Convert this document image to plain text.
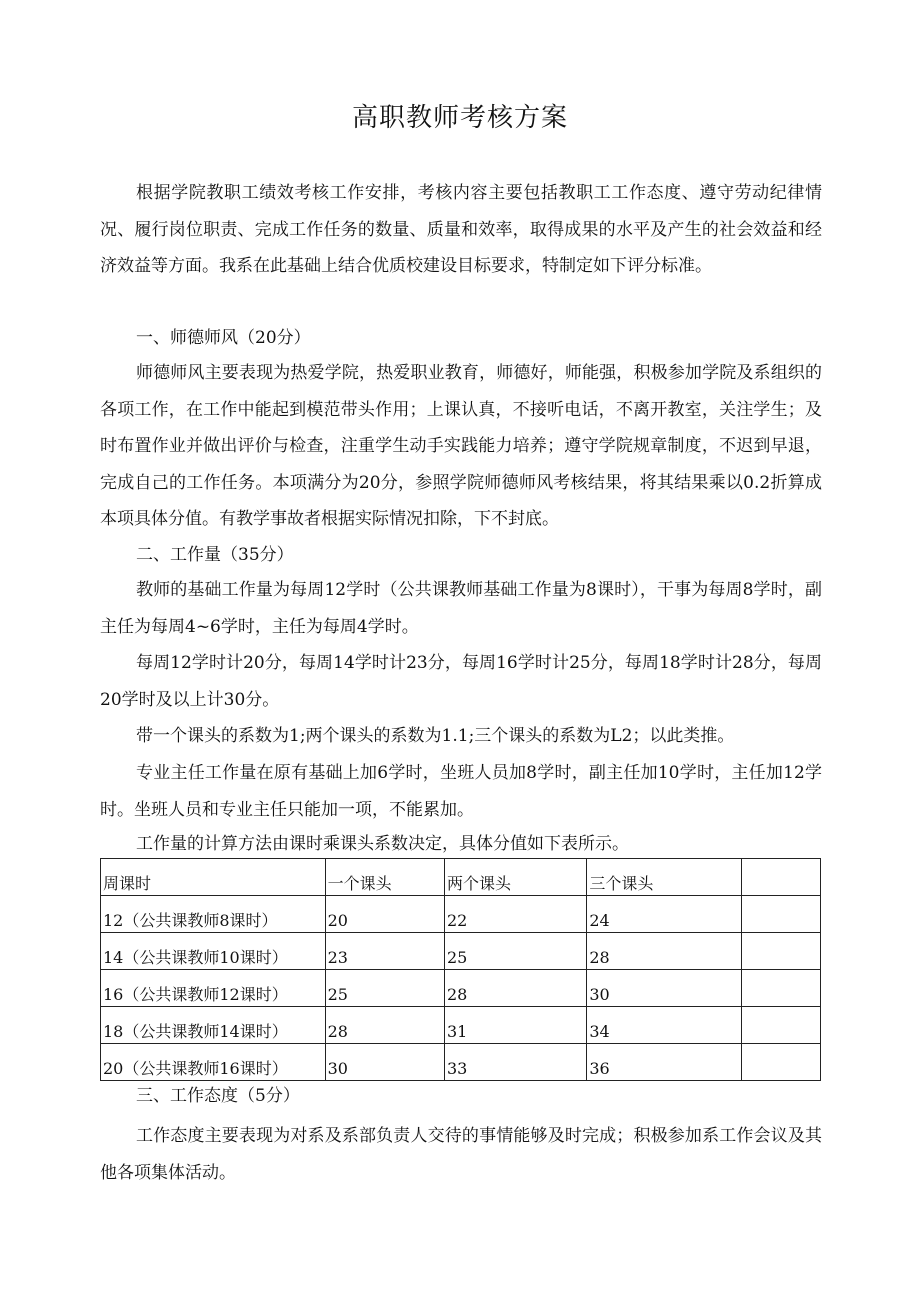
高职教师考核方案

根据学院教职工绩效考核工作安排，考核内容主要包括教职工工作态度、遵守劳动纪律情况、履行岗位职责、完成工作任务的数量、质量和效率，取得成果的水平及产生的社会效益和经济效益等方面。我系在此基础上结合优质校建设目标要求，特制定如下评分标准。

一、师德师风（20分）

师德师风主要表现为热爱学院，热爱职业教育，师德好，师能强，积极参加学院及系组织的各项工作，在工作中能起到模范带头作用；上课认真，不接听电话，不离开教室，关注学生；及时布置作业并做出评价与检查，注重学生动手实践能力培养；遵守学院规章制度，不迟到早退，完成自己的工作任务。本项满分为20分，参照学院师德师风考核结果，将其结果乘以0.2折算成本项具体分值。有教学事故者根据实际情况扣除，下不封底。

二、工作量（35分）

教师的基础工作量为每周12学时（公共课教师基础工作量为8课时），干事为每周8学时，副主任为每周4~6学时，主任为每周4学时。

每周12学时计20分，每周14学时计23分，每周16学时计25分，每周18学时计28分，每周20学时及以上计30分。

带一个课头的系数为1;两个课头的系数为1.1;三个课头的系数为L2；以此类推。

专业主任工作量在原有基础上加6学时，坐班人员加8学时，副主任加10学时，主任加12学时。坐班人员和专业主任只能加一项，不能累加。

工作量的计算方法由课时乘课头系数决定，具体分值如下表所示。

周课时	一个课头	两个课头	三个课头	
12（公共课教师8课时）	20	22	24	
14（公共课教师10课时）	23	25	28	
16（公共课教师12课时）	25	28	30	
18（公共课教师14课时）	28	31	34	
20（公共课教师16课时）	30	33	36	
三、工作态度（5分）

工作态度主要表现为对系及系部负责人交待的事情能够及时完成；积极参加系工作会议及其他各项集体活动。
